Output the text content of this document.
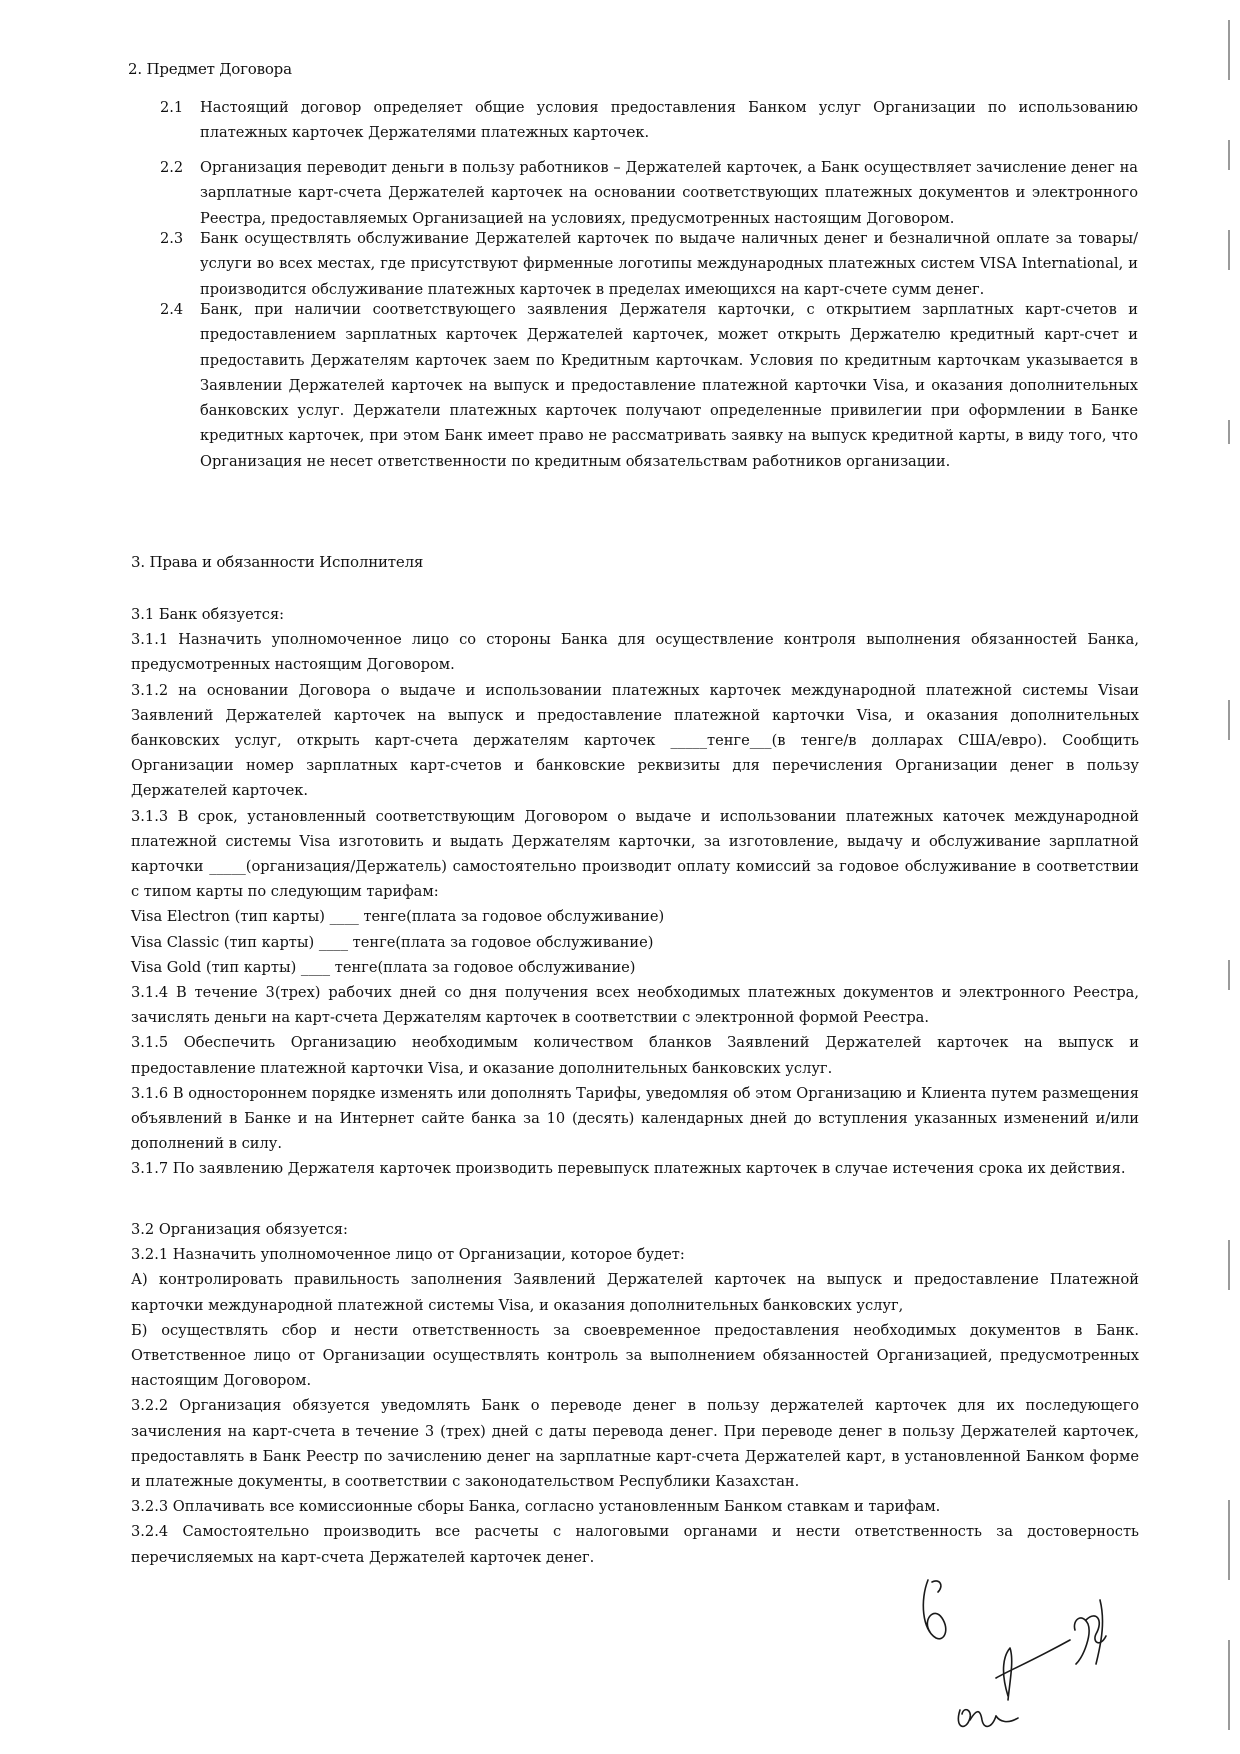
2. Предмет Договора
2.1 Настоящий договор определяет общие условия предоставления Банком услуг Организации по использованию платежных карточек Держателями платежных карточек.
2.2 Организация переводит деньги в пользу работников – Держателей карточек, а Банк осуществляет зачисление денег на зарплатные карт-счета Держателей карточек на основании соответствующих платежных документов и электронного Реестра, предоставляемых Организацией на условиях, предусмотренных настоящим Договором.
2.3 Банк осуществлять обслуживание Держателей карточек по выдаче наличных денег и безналичной оплате за товары/услуги во всех местах, где присутствуют фирменные логотипы международных платежных систем VISA International, и производится обслуживание платежных карточек в пределах имеющихся на карт-счете сумм денег.
2.4 Банк, при наличии соответствующего заявления Держателя карточки, с открытием зарплатных карт-счетов и предоставлением зарплатных карточек Держателей карточек, может открыть Держателю кредитный карт-счет и предоставить Держателям карточек заем по Кредитным карточкам. Условия по кредитным карточкам указывается в Заявлении Держателей карточек на выпуск и предоставление платежной карточки Visa, и оказания дополнительных банковских услуг. Держатели платежных карточек получают определенные привилегии при оформлении в Банке кредитных карточек, при этом Банк имеет право не рассматривать заявку на выпуск кредитной карты, в виду того, что Организация не несет ответственности по кредитным обязательствам работников организации.
3. Права и обязанности Исполнителя

3.1 Банк обязуется:

3.1.1 Назначить уполномоченное лицо со стороны Банка для осуществление контроля выполнения обязанностей Банка, предусмотренных настоящим Договором.

3.1.2 на основании Договора о выдаче и использовании платежных карточек международной платежной системы Visaи Заявлений Держателей карточек на выпуск и предоставление платежной карточки Visa, и оказания дополнительных банковских услуг, открыть карт-счета держателям карточек _____тенге___(в тенге/в долларах США/евро). Сообщить Организации номер зарплатных карт-счетов и банковские реквизиты для перечисления Организации денег в пользу Держателей карточек.

3.1.3 В срок, установленный соответствующим Договором о выдаче и использовании платежных каточек международной платежной системы Visa изготовить и выдать Держателям карточки, за изготовление, выдачу и обслуживание зарплатной карточки _____(организация/Держатель) самостоятельно производит оплату комиссий за годовое обслуживание в соответствии с типом карты по следующим тарифам:

Visa Electron (тип карты) ____ тенге(плата за годовое обслуживание)
Visa Classic (тип карты) ____ тенге(плата за годовое обслуживание)
Visa Gold (тип карты) ____ тенге(плата за годовое обслуживание)

3.1.4 В течение 3(трех) рабочих дней со дня получения всех необходимых платежных документов и электронного Реестра, зачислять деньги на карт-счета Держателям карточек в соответствии с электронной формой Реестра.

3.1.5 Обеспечить Организацию необходимым количеством бланков Заявлений Держателей карточек на выпуск и предоставление платежной карточки Visa, и оказание дополнительных банковских услуг.

3.1.6 В одностороннем порядке изменять или дополнять Тарифы, уведомляя об этом Организацию и Клиента путем размещения объявлений в Банке и на Интернет сайте банка за 10 (десять) календарных дней до вступления указанных изменений и/или дополнений в силу.

3.1.7 По заявлению Держателя карточек производить перевыпуск платежных карточек в случае истечения срока их действия.

3.2 Организация обязуется:

3.2.1 Назначить уполномоченное лицо от Организации, которое будет:

А) контролировать правильность заполнения Заявлений Держателей карточек на выпуск и предоставление Платежной карточки международной платежной системы Visa, и оказания дополнительных банковских услуг,

Б) осуществлять сбор и нести ответственность за своевременное предоставления необходимых документов в Банк. Ответственное лицо от Организации осуществлять контроль за выполнением обязанностей Организацией, предусмотренных настоящим Договором.

3.2.2 Организация обязуется уведомлять Банк о переводе денег в пользу держателей карточек для их последующего зачисления на карт-счета в течение 3 (трех) дней с даты перевода денег. При переводе денег в пользу Держателей карточек, предоставлять в Банк Реестр по зачислению денег на зарплатные карт-счета Держателей карт, в установленной Банком форме и платежные документы, в соответствии с законодательством Республики Казахстан.

3.2.3 Оплачивать все комиссионные сборы Банка, согласно установленным Банком ставкам и тарифам.

3.2.4 Самостоятельно производить все расчеты с налоговыми органами и нести ответственность за достоверность перечисляемых на карт-счета Держателей карточек денег.
